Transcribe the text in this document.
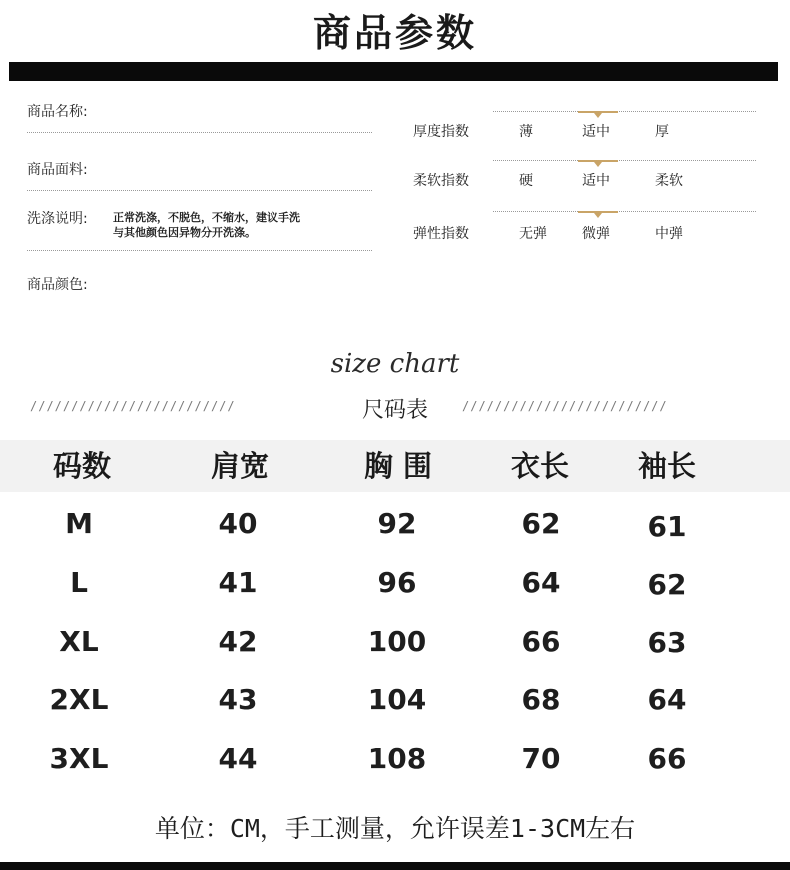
商品参数
商品名称:
商品面料:
洗涤说明: 正常洗涤，不脱色，不缩水，建议手洗
与其他颜色因异物分开洗涤。
商品颜色:
厚度指数	薄	适中	厚
柔软指数	硬	适中	柔软
弹性指数	无弹	微弹	中弹
size chart
/////////////////////////	尺码表	/////////////////////////
码数	肩宽	胸 围	衣长	袖长
M	40	92	62	61
L	41	96	64	62
XL	42	100	66	63
2XL	43	104	68	64
3XL	44	108	70	66
单位：CM，手工测量，允许误差1-3CM左右
